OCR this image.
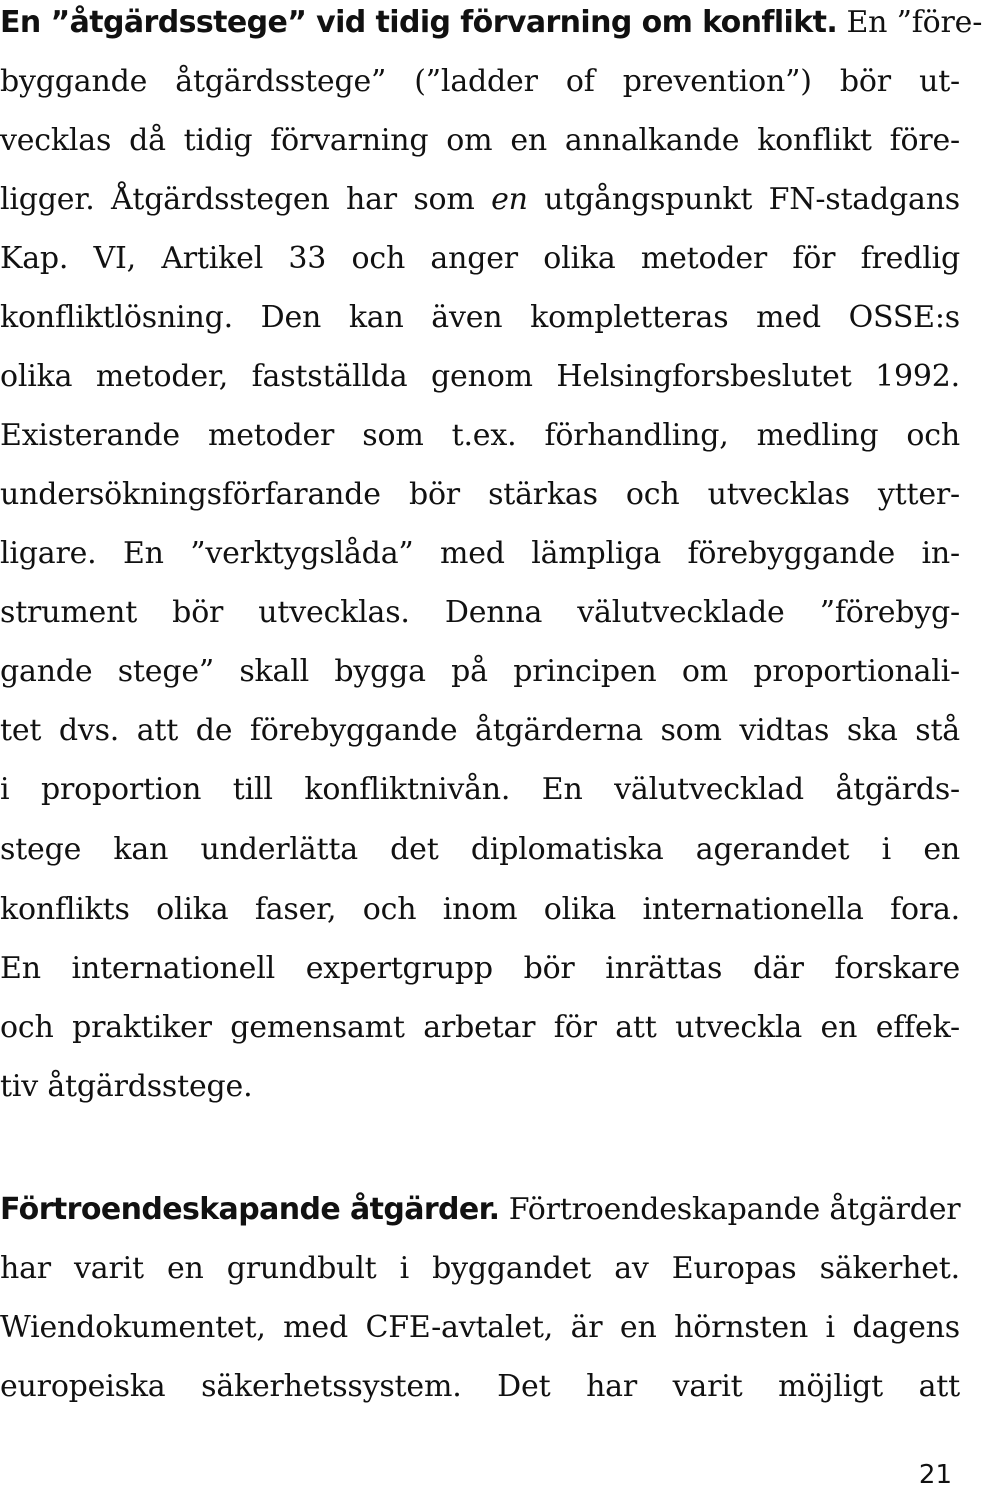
En ”åtgärdsstege” vid tidig förvarning om konflikt. En ”före-
byggande åtgärdsstege” (”ladder of prevention”) bör ut-
vecklas då tidig förvarning om en annalkande konflikt före-
ligger. Åtgärdsstegen har som en utgångspunkt FN-stadgans
Kap. VI, Artikel 33 och anger olika metoder för fredlig
konfliktlösning. Den kan även kompletteras med OSSE:s
olika metoder, fastställda genom Helsingforsbeslutet 1992.
Existerande metoder som t.ex. förhandling, medling och
undersökningsförfarande bör stärkas och utvecklas ytter-
ligare. En ”verktygslåda” med lämpliga förebyggande in-
strument bör utvecklas. Denna välutvecklade ”förebyg-
gande stege” skall bygga på principen om proportionali-
tet dvs. att de förebyggande åtgärderna som vidtas ska stå
i proportion till konfliktnivån. En välutvecklad åtgärds-
stege kan underlätta det diplomatiska agerandet i en
konflikts olika faser, och inom olika internationella fora.
En internationell expertgrupp bör inrättas där forskare
och praktiker gemensamt arbetar för att utveckla en effek-
tiv åtgärdsstege.
Förtroendeskapande åtgärder. Förtroendeskapande åtgärder
har varit en grundbult i byggandet av Europas säkerhet.
Wiendokumentet, med CFE-avtalet, är en hörnsten i dagens
europeiska säkerhetssystem. Det har varit möjligt att
21
